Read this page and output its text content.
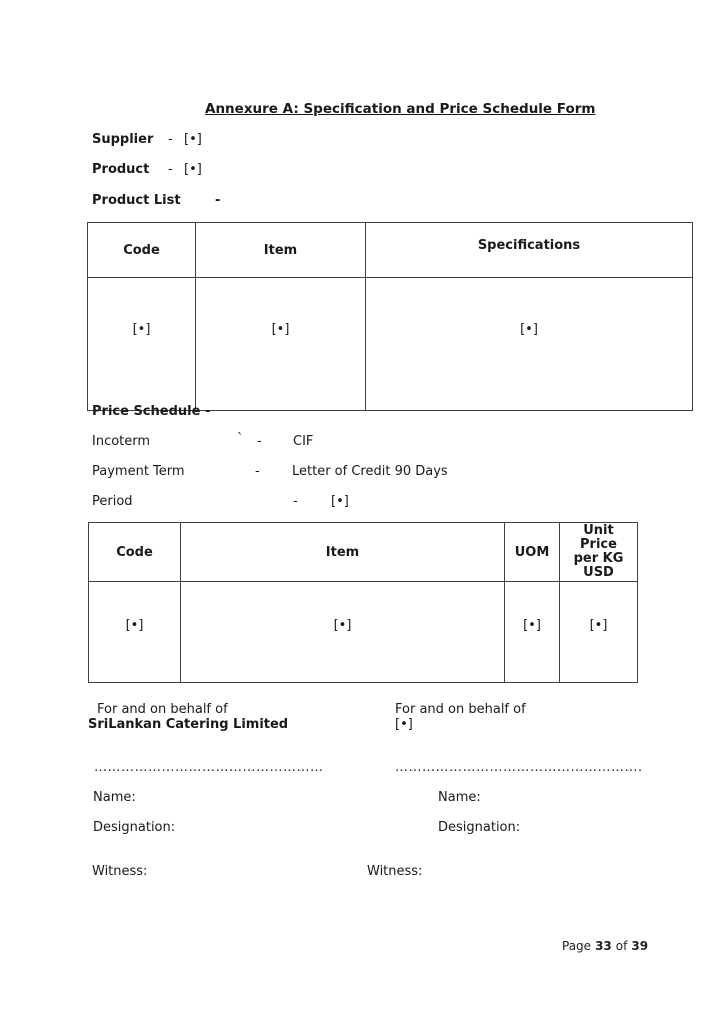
Annexure A: Specification and Price Schedule Form
Supplier - [•]
Product - [•]
Product List	-
Code	Item	Specifications
[•]	[•]	[•]
Price Schedule -
Incoterm	` - CIF
Payment Term	- Letter of Credit 90 Days
Period	-	[•]
Code	Item	UOM	Unit Price per KG USD
[•]	[•]	[•]	[•]
For and on behalf of
SriLankan Catering Limited
……………………………………………
Name:
Designation:
Witness:
For and on behalf of
[•]
……………………………………………….
Name:
Designation:
Witness:
Page 33 of 39
